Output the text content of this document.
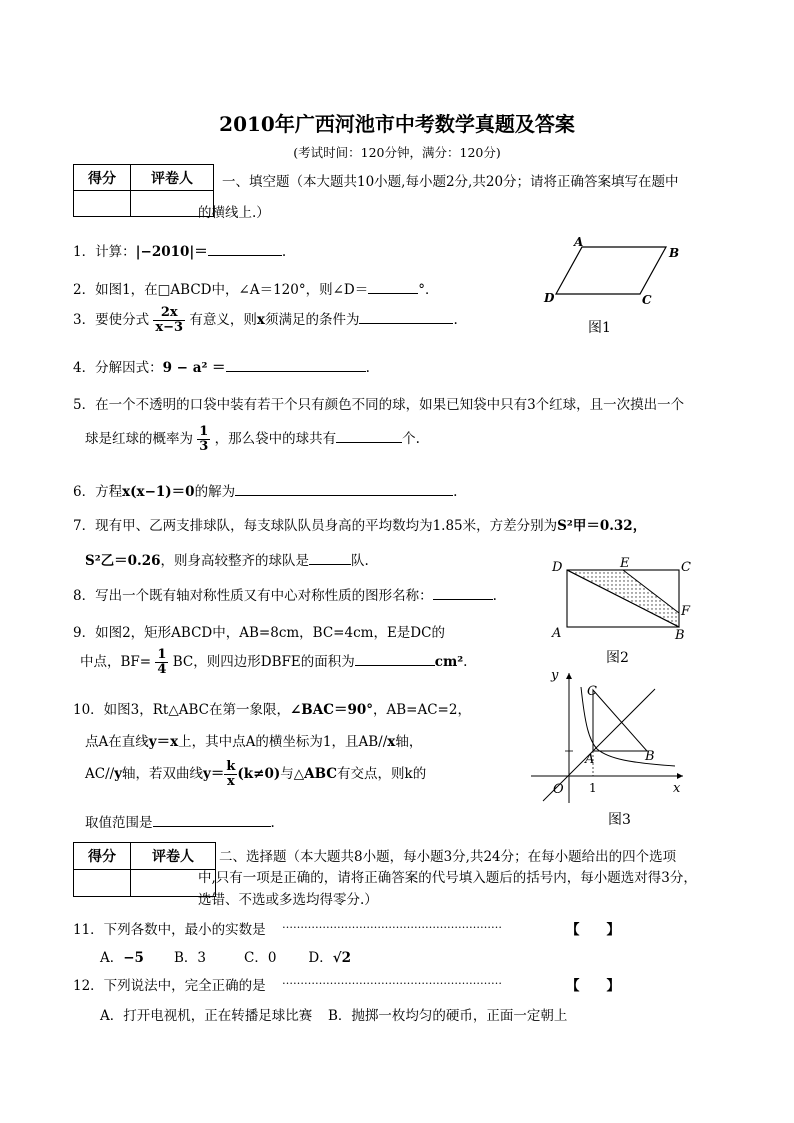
2010年广西河池市中考数学真题及答案
(考试时间：120分钟，满分：120分)
得分	评卷人
	一、填空题（本大题共10小题,每小题2分,共20分；请将正确答案填写在题中
的横线上.）
1．计算：|−2010|＝	.
2．如图1，在□ABCD中，∠A＝120°，则∠D＝	°．
3．要使分式 $\frac{2x}{x-3}$ 有意义，则x须满足的条件为	.
4．分解因式：9 − a² ＝	.
5．在一个不透明的口袋中装有若干个只有颜色不同的球，如果已知袋中只有3个红球，且一次摸出一个
球是红球的概率为 $\frac{1}{3}$ ，那么袋中的球共有	个.
6．方程x(x−1)＝0的解为	.
7．现有甲、乙两支排球队，每支球队队员身高的平均数均为1.85米，方差分别为S²甲＝0.32，
S²乙＝0.26，则身高较整齐的球队是	队.
8．写出一个既有轴对称性质又有中心对称性质的图形名称：	.
9．如图2，矩形ABCD中，AB=8cm，BC=4cm，E是DC的
中点，$BF= \frac{1}{4}$ BC，则四边形DBFE的面积为	cm².
10．如图3，Rt△ABC在第一象限，∠BAC＝90°，AB=AC=2，
点A在直线y＝x上，其中点A的横坐标为1，且AB//x轴，
AC//y轴，若双曲线$y= \frac{k}{x} (k\ne 0)$与△ABC有交点，则k的
取值范围是	.
得分	评卷人
	二、选择题（本大题共8小题，每小题3分,共24分；在每小题给出的四个选项
中,只有一项是正确的，请将正确答案的代号填入题后的括号内，每小题选对得3分，
选错、不选或多选均得零分.）
11．下列各数中，最小的实数是 ……………………………………………………	【　　】
A．−5 B．3	C．0 D．√2
12．下列说法中，完全正确的是 ……………………………………………………	【　　】
A．打开电视机，正在转播足球比赛 B．抛掷一枚均匀的硬币，正面一定朝上
A
B
C
D
图1
D	E	C
F
A	B
图2
y
x
O 1
A	B
C
图3
